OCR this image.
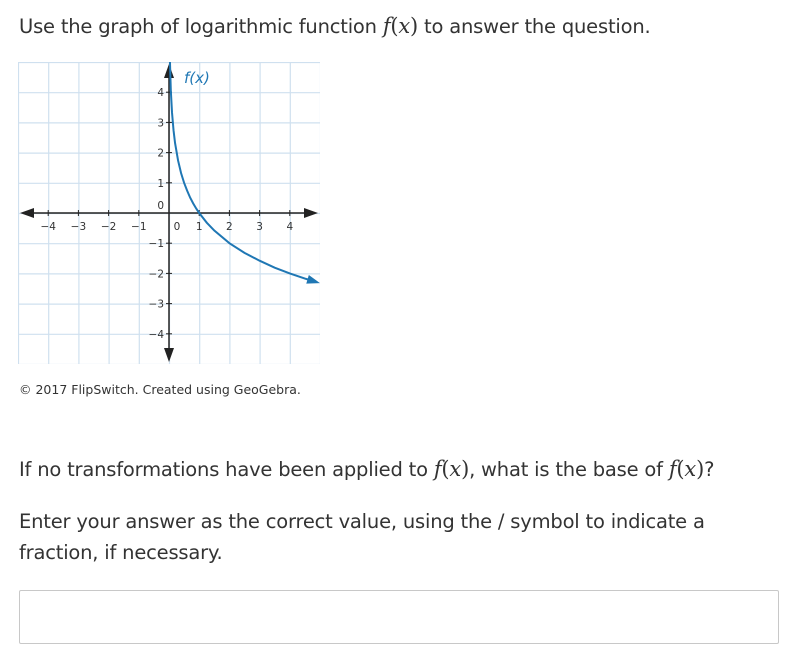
Use the graph of logarithmic function f(x) to answer the question.
−4 −3 −2 −1	0 1 2 3 4
−4
−3
−2
−1
0
1
2
3
4
f(x)
© 2017 FlipSwitch. Created using GeoGebra.
If no transformations have been applied to f(x), what is the base of f(x)?
Enter your answer as the correct value, using the / symbol to indicate a fraction, if necessary.
